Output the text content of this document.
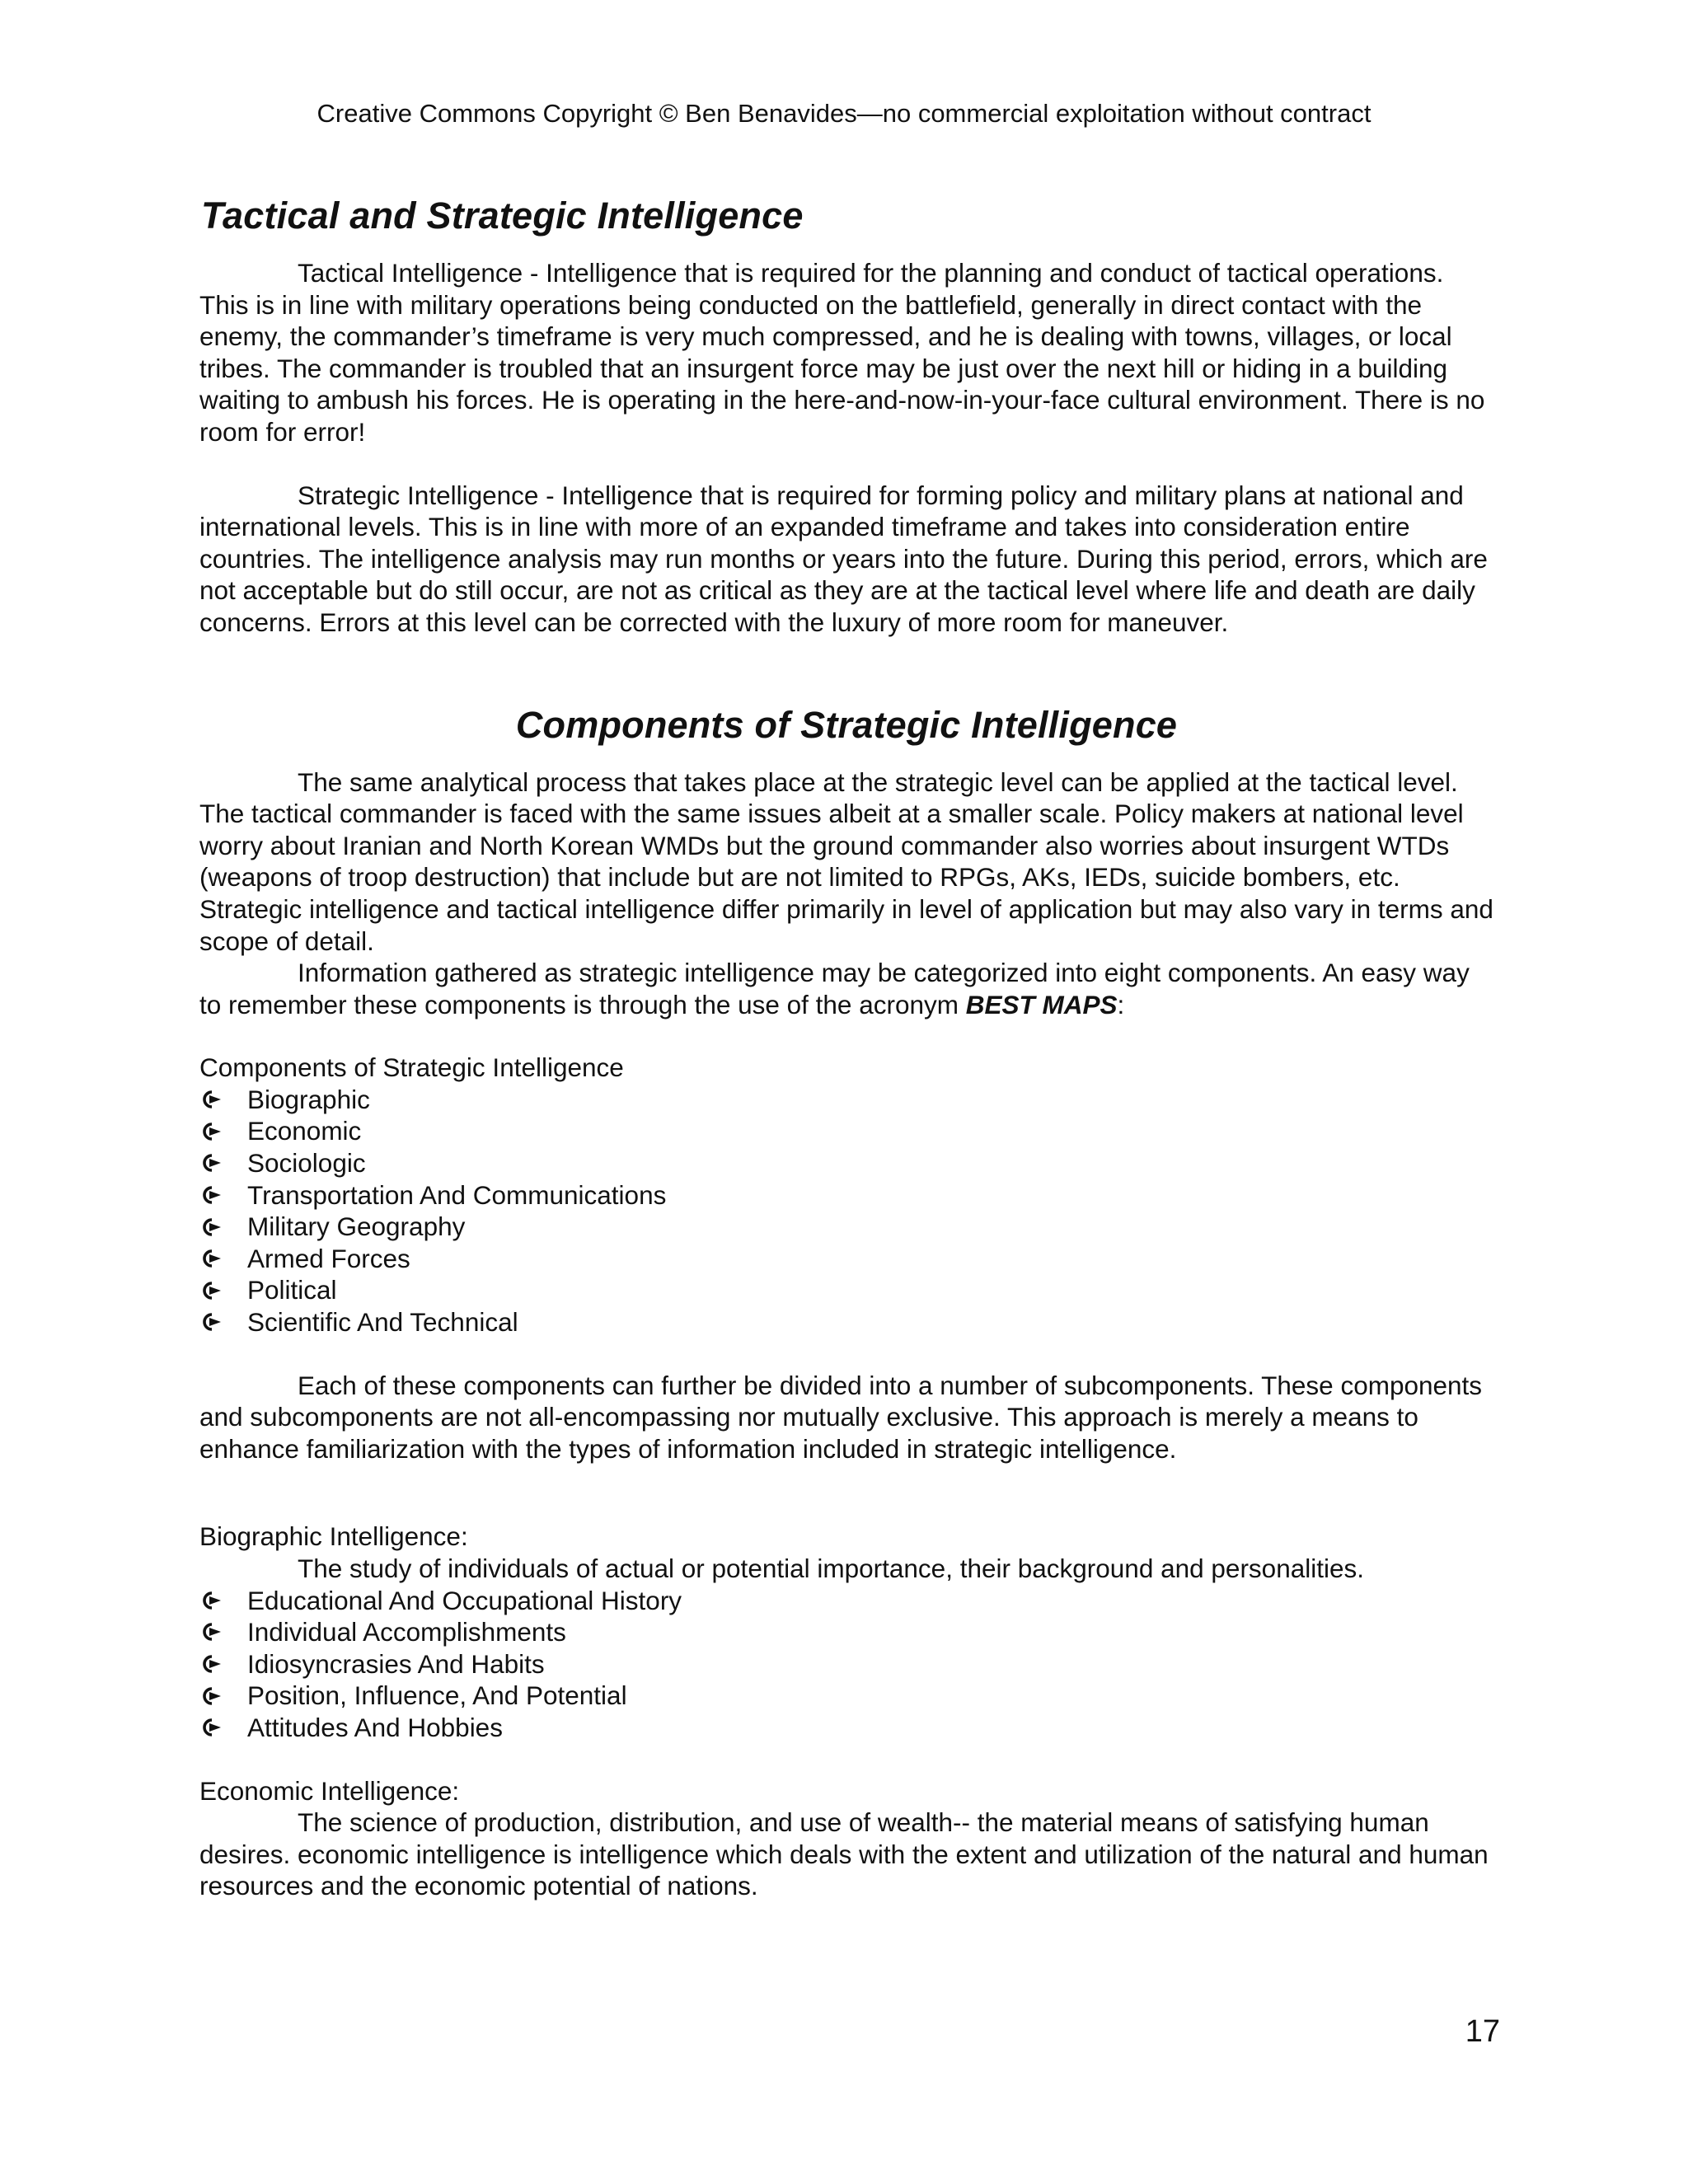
Creative Commons Copyright © Ben Benavides—no commercial exploitation without contract
Tactical and Strategic Intelligence

Tactical Intelligence - Intelligence that is required for the planning and conduct of tactical operations. This is in line with military operations being conducted on the battlefield, generally in direct contact with the enemy, the commander’s timeframe is very much compressed, and he is dealing with towns, villages, or local tribes. The commander is troubled that an insurgent force may be just over the next hill or hiding in a building waiting to ambush his forces. He is operating in the here-and-now-in-your-face cultural environment. There is no room for error!

Strategic Intelligence - Intelligence that is required for forming policy and military plans at national and international levels. This is in line with more of an expanded timeframe and takes into consideration entire countries. The intelligence analysis may run months or years into the future. During this period, errors, which are not acceptable but do still occur, are not as critical as they are at the tactical level where life and death are daily concerns. Errors at this level can be corrected with the luxury of more room for maneuver.

Components of Strategic Intelligence

The same analytical process that takes place at the strategic level can be applied at the tactical level. The tactical commander is faced with the same issues albeit at a smaller scale. Policy makers at national level worry about Iranian and North Korean WMDs but the ground commander also worries about insurgent WTDs (weapons of troop destruction) that include but are not limited to RPGs, AKs, IEDs, suicide bombers, etc. Strategic intelligence and tactical intelligence differ primarily in level of application but may also vary in terms and scope of detail.

Information gathered as strategic intelligence may be categorized into eight components. An easy way to remember these components is through the use of the acronym BEST MAPS:

Components of Strategic Intelligence

Biographic
Economic
Sociologic
Transportation And Communications
Military Geography
Armed Forces
Political
Scientific And Technical

Each of these components can further be divided into a number of subcomponents. These components and subcomponents are not all-encompassing nor mutually exclusive. This approach is merely a means to enhance familiarization with the types of information included in strategic intelligence.

Biographic Intelligence:

The study of individuals of actual or potential importance, their background and personalities.

Educational And Occupational History
Individual Accomplishments
Idiosyncrasies And Habits
Position, Influence, And Potential
Attitudes And Hobbies

Economic Intelligence:

The science of production, distribution, and use of wealth-- the material means of satisfying human desires. economic intelligence is intelligence which deals with the extent and utilization of the natural and human resources and the economic potential of nations.

17
